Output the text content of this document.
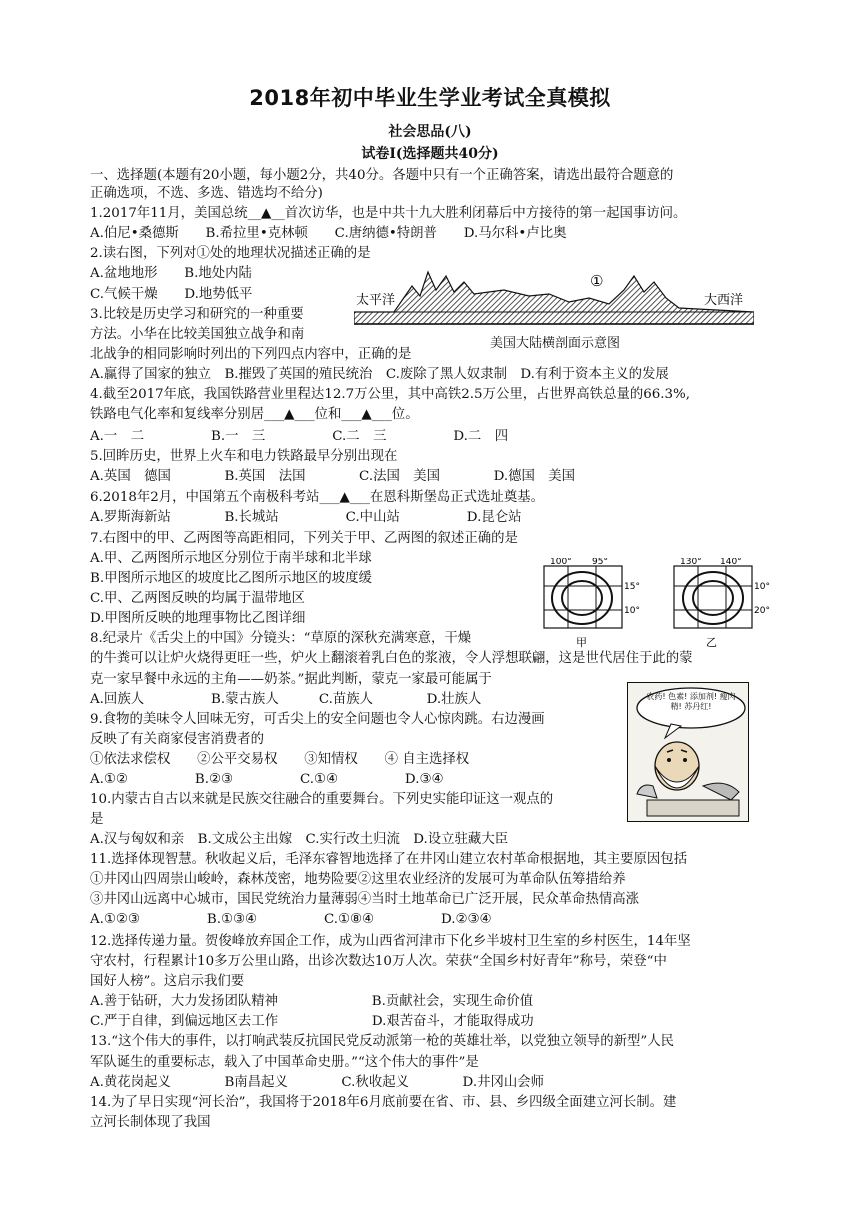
2018年初中毕业生学业考试全真模拟
社会思品(八)
试卷Ⅰ(选择题共40分)
一、选择题(本题有20小题，每小题2分，共40分。各题中只有一个正确答案，请选出最符合题意的
正确选项，不选、多选、错选均不给分)
1.2017年11月，美国总统__▲__首次访华，也是中共十九大胜利闭幕后中方接待的第一起国事访问。
A.伯尼•桑德斯　　B.希拉里•克林顿　　C.唐纳德•特朗普　　D.马尔科•卢比奥
2.读右图，下列对①处的地理状况描述正确的是
A.盆地地形　　B.地处内陆
C.气候干燥　　D.地势低平
3.比较是历史学习和研究的一种重要
方法。小华在比较美国独立战争和南
北战争的相同影响时列出的下列四点内容中，正确的是
A.赢得了国家的独立　B.摧毁了英国的殖民统治　C.废除了黑人奴隶制　D.有利于资本主义的发展
4.截至2017年底，我国铁路营业里程达12.7万公里，其中高铁2.5万公里，占世界高铁总量的66.3%,
铁路电气化率和复线率分别居___▲___位和___▲___位。
A.一　二　　　　　B.一　三　　　　　C.二　三　　　　　D.二　四
5.回眸历史，世界上火车和电力铁路最早分别出现在
A.英国　德国　　　　B.英国　法国　　　　C.法国　美国　　　　D.德国　美国
6.2018年2月，中国第五个南极科考站___▲___在恩科斯堡岛正式选址奠基。
A.罗斯海新站　　　　B.长城站　　　　　C.中山站　　　　　D.昆仑站
7.右图中的甲、乙两图等高距相同，下列关于甲、乙两图的叙述正确的是
A.甲、乙两图所示地区分别位于南半球和北半球
B.甲图所示地区的坡度比乙图所示地区的坡度缓
C.甲、乙两图反映的均属于温带地区
D.甲图所反映的地理事物比乙图详细
8.纪录片《舌尖上的中国》分镜头：“草原的深秋充满寒意，干燥
的牛粪可以让炉火烧得更旺一些，炉火上翻滚着乳白色的浆液，令人浮想联翩，这是世代居住于此的蒙
克一家早餐中永远的主角——奶茶。”据此判断，蒙克一家最可能属于
A.回族人　　　　　B.蒙古族人　　　C.苗族人　　　　D.壮族人
9.食物的美味令人回味无穷，可舌尖上的安全问题也令人心惊肉跳。右边漫画
反映了有关商家侵害消费者的
①依法求偿权　　②公平交易权　　③知情权　　④ 自主选择权
A.①②　　　　　B.②③　　　　　C.①④　　　　　D.③④
10.内蒙古自古以来就是民族交往融合的重要舞台。下列史实能印证这一观点的
是
A.汉与匈奴和亲　B.文成公主出嫁　C.实行改土归流　D.设立驻藏大臣
11.选择体现智慧。秋收起义后，毛泽东睿智地选择了在井冈山建立农村革命根据地，其主要原因包括
①井冈山四周崇山峻岭，森林茂密，地势险要②这里农业经济的发展可为革命队伍筹措给养
③井冈山远离中心城市，国民党统治力量薄弱④当时土地革命已广泛开展，民众革命热情高涨
A.①②③　　　　　B.①③④　　　　　C.①⑧④　　　　　D.②③④
12.选择传递力量。贺俊峰放弃国企工作，成为山西省河津市下化乡半坡村卫生室的乡村医生，14年坚
守农村，行程累计10多万公里山路，出诊次数达10万人次。荣获“全国乡村好青年”称号，荣登“中
国好人榜”。这启示我们要
A.善于钻研，大力发扬团队精神　　　　　　　B.贡献社会，实现生命价值
C.严于自律，到偏远地区去工作　　　　　　　D.艰苦奋斗，才能取得成功
13.“这个伟大的事件，以打响武装反抗国民党反动派第一枪的英雄壮举，以党独立领导的新型”人民
军队诞生的重要标志，载入了中国革命史册。”“这个伟大的事件”是
A.黄花岗起义　　　　B南昌起义　　　　C.秋收起义　　　　D.井冈山会师
14.为了早日实现“河长治”，我国将于2018年6月底前要在省、市、县、乡四级全面建立河长制。建
立河长制体现了我国
太平洋	大西洋
①
美国大陆横剖面示意图
100° 95°
15°
10°
甲
130° 140°
10°
20°
乙
农药! 色素! 添加剂! 瘦肉精! 苏丹红!
